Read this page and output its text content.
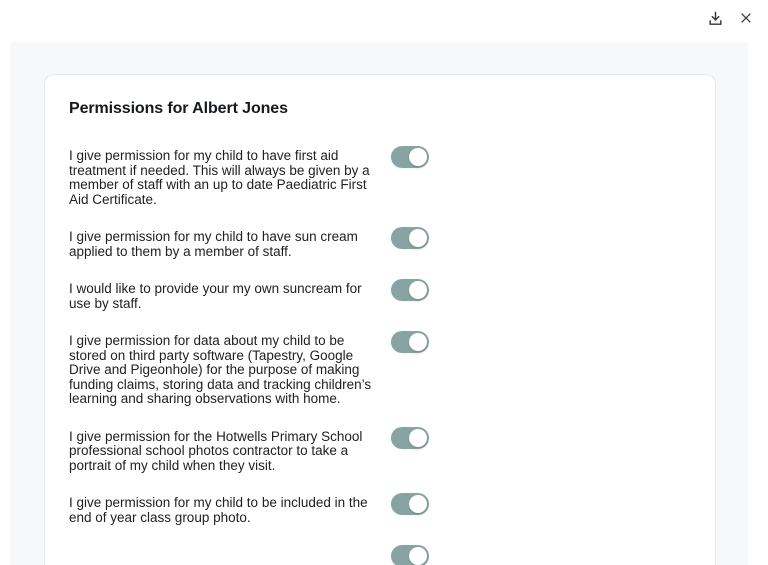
Permissions for Albert Jones
I give permission for my child to have first aid treatment if needed. This will always be given by a member of staff with an up to date Paediatric First Aid Certificate.
I give permission for my child to have sun cream applied to them by a member of staff.
I would like to provide your my own suncream for use by staff.
I give permission for data about my child to be stored on third party software (Tapestry, Google Drive and Pigeonhole) for the purpose of making funding claims, storing data and tracking children’s learning and sharing observations with home.
I give permission for the Hotwells Primary School professional school photos contractor to take a portrait of my child when they visit.
I give permission for my child to be included in the end of year class group photo.
